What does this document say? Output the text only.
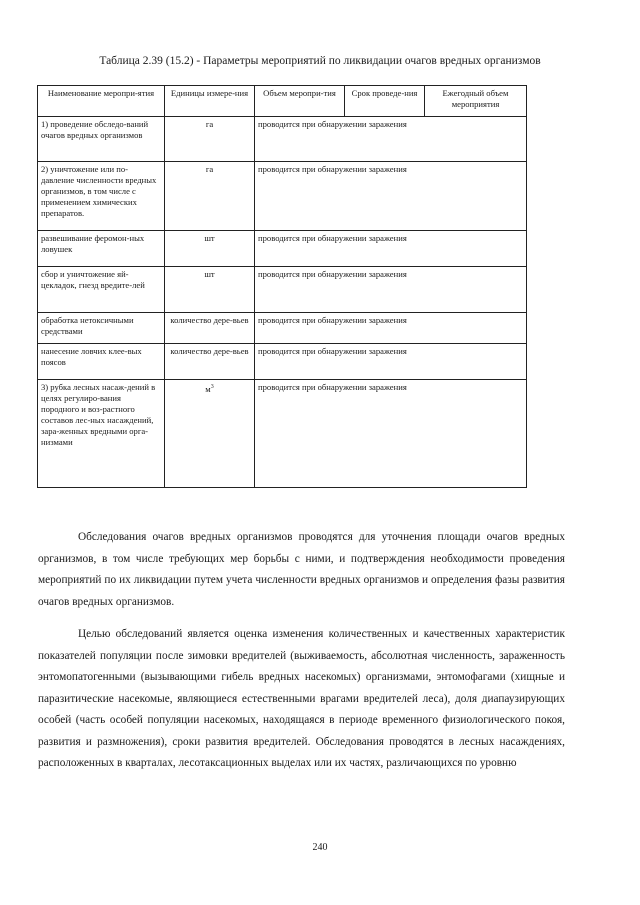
Таблица 2.39 (15.2) - Параметры мероприятий по ликвидации очагов вредных организмов
Наименование меропри-ятия	Единицы измере-ния	Объем меропри-тия	Срок проведе-ния	Ежегодный объем мероприятия
1) проведение обследо-ваний очагов вредных организмов	га	проводится при обнаружении заражения		
2) уничтожение или по-давление численности вредных организмов, в том числе с применением химических препаратов.	га	проводится при обнаружении заражения		
развешивание феромон-ных ловушек	шт	проводится при обнаружении заражения		
сбор и уничтожение яй-цекладок, гнезд вредите-лей	шт	проводится при обнаружении заражения		
обработка нетоксичными средствами	количество дере-вьев	проводится при обнаружении заражения		
нанесение ловчих клее-вых поясов	количество дере-вьев	проводится при обнаружении заражения		
3) рубка лесных насаж-дений в целях регулиро-вания породного и воз-растного составов лес-ных насаждений, зара-женных вредными орга-низмами	$м^3$	проводится при обнаружении заражения		

Обследования очагов вредных организмов проводятся для уточнения площади очагов вредных организмов, в том числе требующих мер борьбы с ними, и подтверждения необходимости проведения мероприятий по их ликвидации путем учета численности вредных организмов и определения фазы развития очагов вредных организмов.

Целью обследований является оценка изменения количественных и качественных характеристик показателей популяции после зимовки вредителей (выживаемость, абсолютная численность, зараженность энтомопатогенными (вызывающими гибель вредных насекомых) организмами, энтомофагами (хищные и паразитические насекомые, являющиеся естественными врагами вредителей леса), доля диапаузирующих особей (часть особей популяции насекомых, находящаяся в периоде временного физиологического покоя, развития и размножения), сроки развития вредителей. Обследования проводятся в лесных насаждениях, расположенных в кварталах, лесотаксационных выделах или их частях, различающихся по уровню

240
